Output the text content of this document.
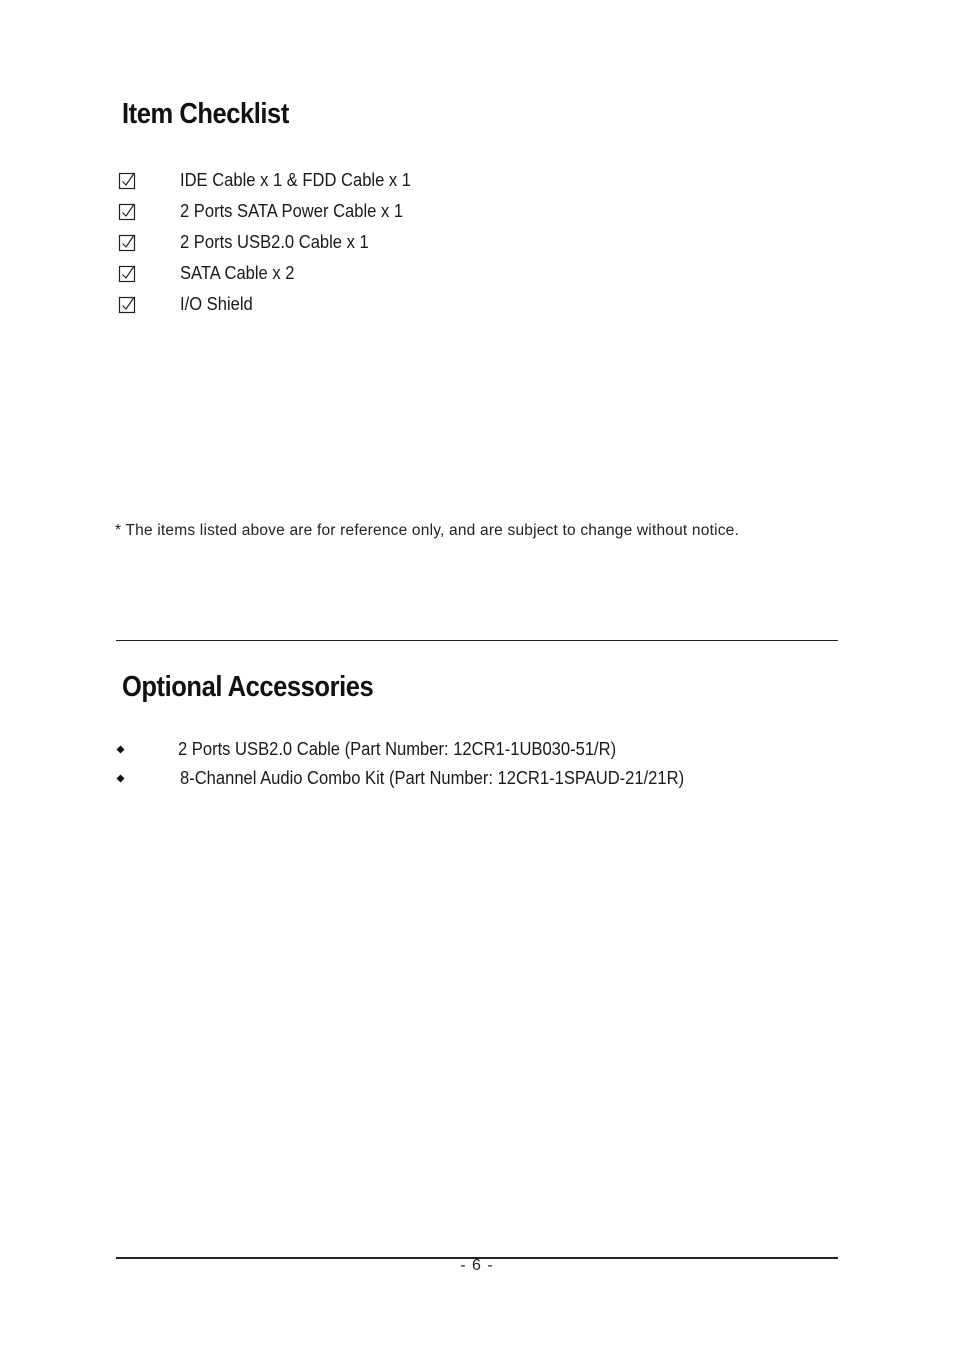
Item Checklist
IDE Cable x 1 & FDD Cable x 1
2 Ports SATA Power Cable x 1
2 Ports USB2.0 Cable x 1
SATA Cable x 2
I/O Shield
* The items listed above are for reference only, and are subject to change without notice.
Optional Accessories
2 Ports USB2.0 Cable (Part Number: 12CR1-1UB030-51/R)
8-Channel Audio Combo Kit (Part Number: 12CR1-1SPAUD-21/21R)
- 6 -
